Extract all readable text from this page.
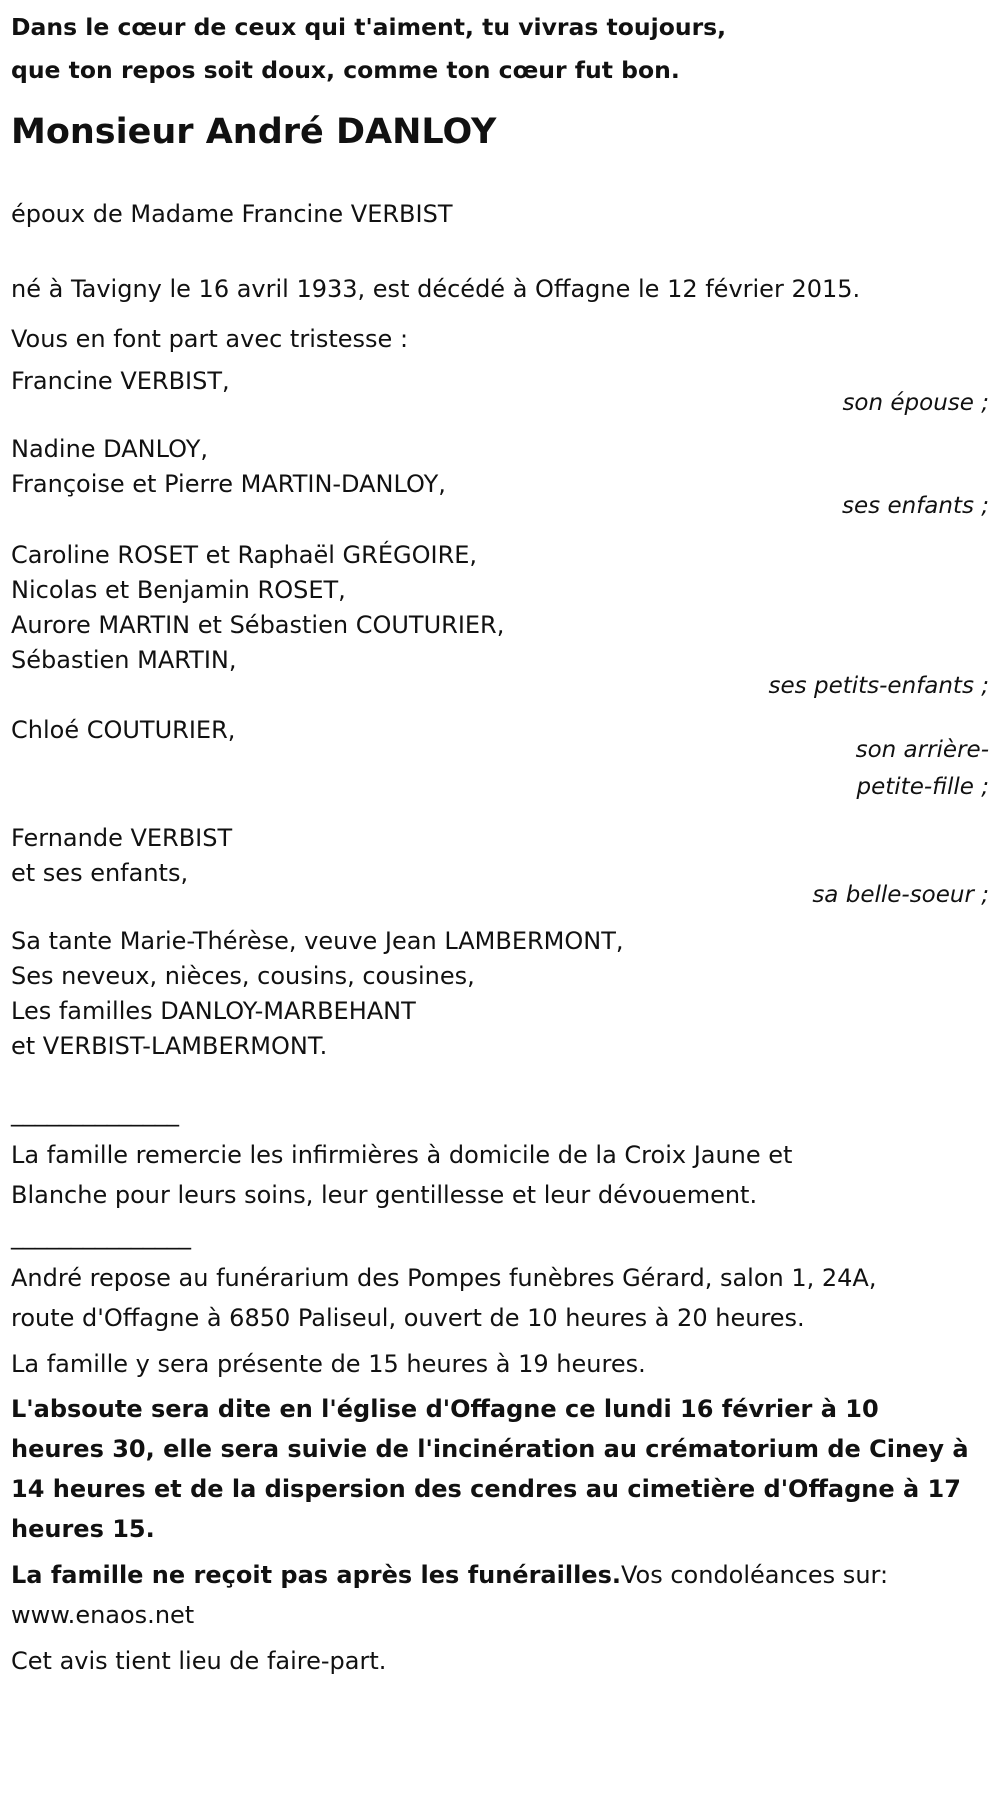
Dans le cœur de ceux qui t'aiment, tu vivras toujours,
que ton repos soit doux, comme ton cœur fut bon.
Monsieur André DANLOY
époux de Madame Francine VERBIST
né à Tavigny le 16 avril 1933, est décédé à Offagne le 12 février 2015.
Vous en font part avec tristesse :
Francine VERBIST,
son épouse ;
Nadine DANLOY,
Françoise et Pierre MARTIN-DANLOY,
ses enfants ;
Caroline ROSET et Raphaël GRÉGOIRE,
Nicolas et Benjamin ROSET,
Aurore MARTIN et Sébastien COUTURIER,
Sébastien MARTIN,
ses petits-enfants ;
Chloé COUTURIER,
son arrière-
petite-fille ;
Fernande VERBIST
et ses enfants,
sa belle-soeur ;
Sa tante Marie-Thérèse, veuve Jean LAMBERMONT,
Ses neveux, nièces, cousins, cousines,
Les familles DANLOY-MARBEHANT
et VERBIST-LAMBERMONT.
______________
La famille remercie les infirmières à domicile de la Croix Jaune et
Blanche pour leurs soins, leur gentillesse et leur dévouement.
_______________
André repose au funérarium des Pompes funèbres Gérard, salon 1, 24A,
route d'Offagne à 6850 Paliseul, ouvert de 10 heures à 20 heures.
La famille y sera présente de 15 heures à 19 heures.
L'absoute sera dite en l'église d'Offagne ce lundi 16 février à 10
heures 30, elle sera suivie de l'incinération au crématorium de Ciney à
14 heures et de la dispersion des cendres au cimetière d'Offagne à 17
heures 15.
La famille ne reçoit pas après les funérailles.Vos condoléances sur:
www.enaos.net
Cet avis tient lieu de faire-part.
